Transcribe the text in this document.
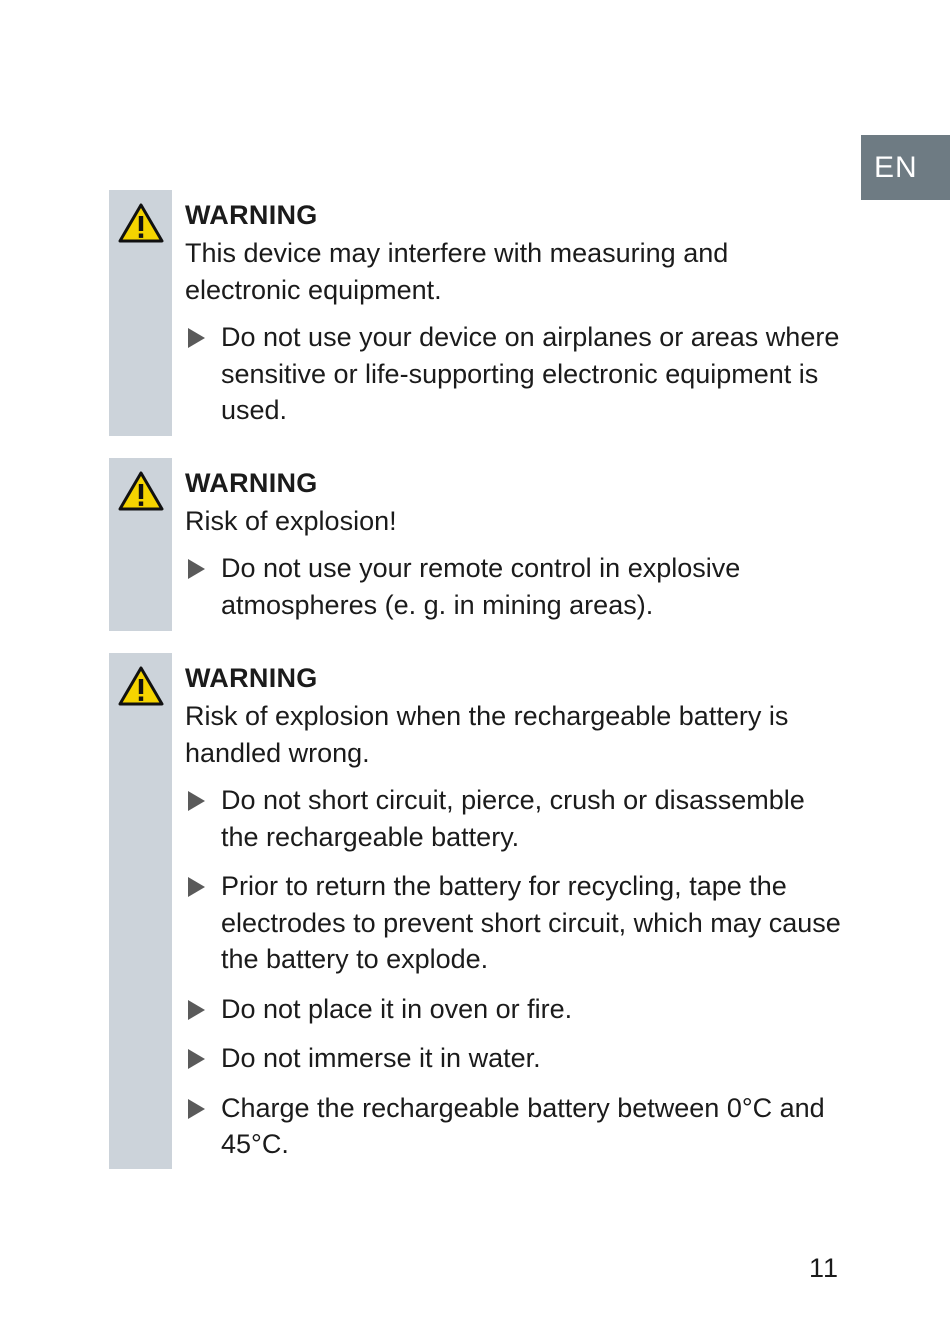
EN
WARNING
This device may interfere with measuring and electronic equipment.
Do not use your device on airplanes or areas where sensitive or life-supporting electronic equipment is used.
WARNING
Risk of explosion!
Do not use your remote control in explosive atmospheres (e. g. in mining areas).
WARNING
Risk of explosion when the rechargeable battery is handled wrong.
Do not short circuit, pierce, crush or disassemble the rechargeable battery.
Prior to return the battery for recycling, tape the electrodes to prevent short circuit, which may cause the battery to explode.
Do not place it in oven or fire.
Do not immerse it in water.
Charge the rechargeable battery between 0°C and 45°C.
11
